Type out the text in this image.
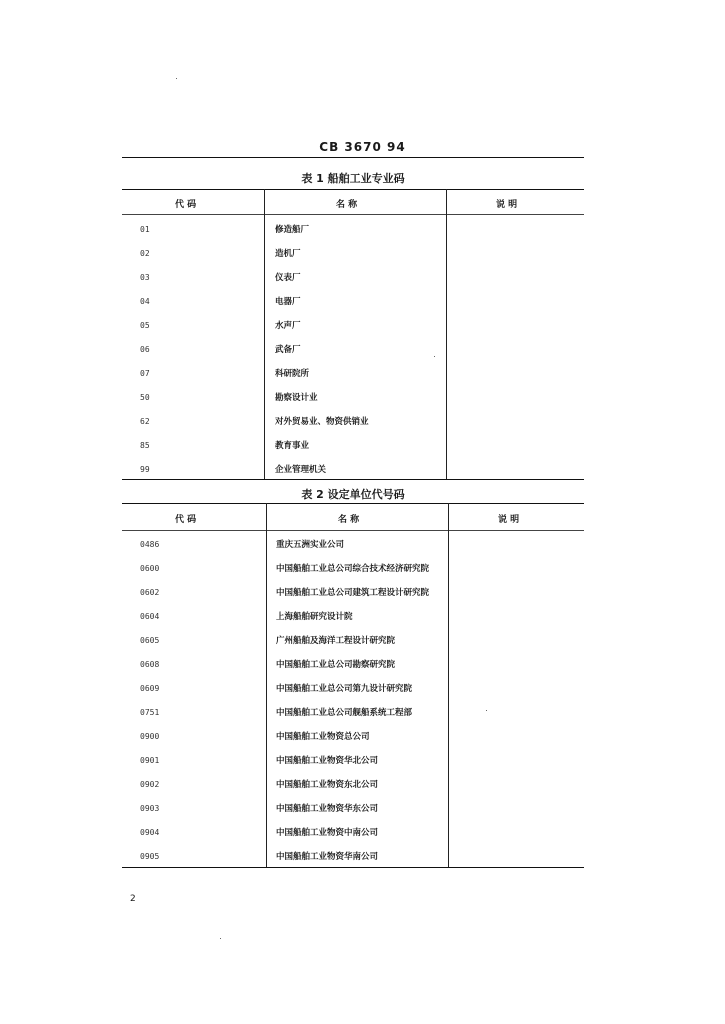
CB 3670 94
表 1 船舶工业专业码
代 码	名 称	说 明
01	修造船厂
02	造机厂
03	仪表厂
04	电器厂
05	水声厂
06	武备厂
07	科研院所
50	勘察设计业
62	对外贸易业、物资供销业
85	教育事业
99	企业管理机关
表 2 设定单位代号码
代 码	名 称	说 明
0486	重庆五洲实业公司
0600	中国船舶工业总公司综合技术经济研究院
0602	中国船舶工业总公司建筑工程设计研究院
0604	上海船舶研究设计院
0605	广州船舶及海洋工程设计研究院
0608	中国船舶工业总公司勘察研究院
0609	中国船舶工业总公司第九设计研究院
0751	中国船舶工业总公司舰船系统工程部
0900	中国船舶工业物资总公司
0901	中国船舶工业物资华北公司
0902	中国船舶工业物资东北公司
0903	中国船舶工业物资华东公司
0904	中国船舶工业物资中南公司
0905	中国船舶工业物资华南公司
2
